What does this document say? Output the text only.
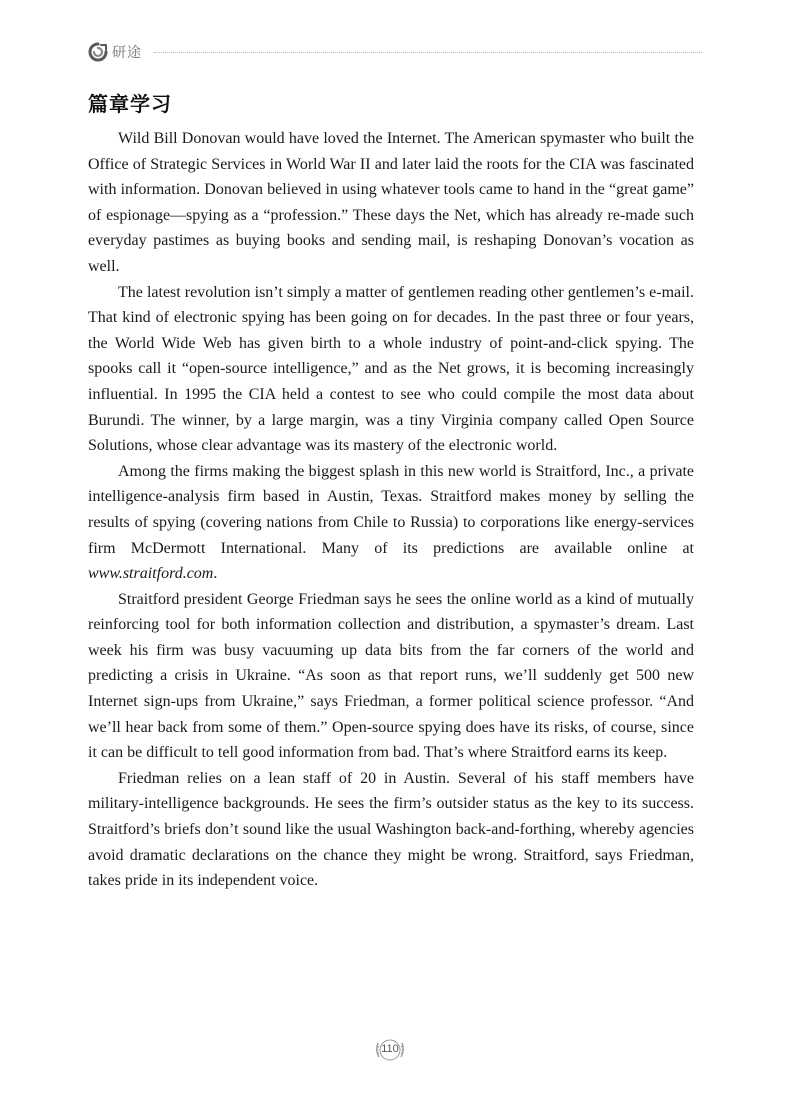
研途
篇章学习

Wild Bill Donovan would have loved the Internet. The American spymaster who built the Office of Strategic Services in World War II and later laid the roots for the CIA was fascinated with information. Donovan believed in using whatever tools came to hand in the “great game” of espionage—spying as a “profession.” These days the Net, which has already re-made such everyday pastimes as buying books and sending mail, is reshaping Donovan’s vocation as well.

The latest revolution isn’t simply a matter of gentlemen reading other gentlemen’s e-mail. That kind of electronic spying has been going on for decades. In the past three or four years, the World Wide Web has given birth to a whole industry of point-and-click spying. The spooks call it “open-source intelligence,” and as the Net grows, it is becoming increasingly influential. In 1995 the CIA held a contest to see who could compile the most data about Burundi. The winner, by a large margin, was a tiny Virginia company called Open Source Solutions, whose clear advantage was its mastery of the electronic world.

Among the firms making the biggest splash in this new world is Straitford, Inc., a private intelligence-analysis firm based in Austin, Texas. Straitford makes money by selling the results of spying (covering nations from Chile to Russia) to corporations like energy-services firm McDermott International. Many of its predictions are available online at www.straitford.com.

Straitford president George Friedman says he sees the online world as a kind of mutually reinforcing tool for both information collection and distribution, a spymaster’s dream. Last week his firm was busy vacuuming up data bits from the far corners of the world and predicting a crisis in Ukraine. “As soon as that report runs, we’ll suddenly get 500 new Internet sign-ups from Ukraine,” says Friedman, a former political science professor. “And we’ll hear back from some of them.” Open-source spying does have its risks, of course, since it can be difficult to tell good information from bad. That’s where Straitford earns its keep.

Friedman relies on a lean staff of 20 in Austin. Several of his staff members have military-intelligence backgrounds. He sees the firm’s outsider status as the key to its success. Straitford’s briefs don’t sound like the usual Washington back-and-forthing, whereby agencies avoid dramatic declarations on the chance they might be wrong. Straitford, says Friedman, takes pride in its independent voice.

110
